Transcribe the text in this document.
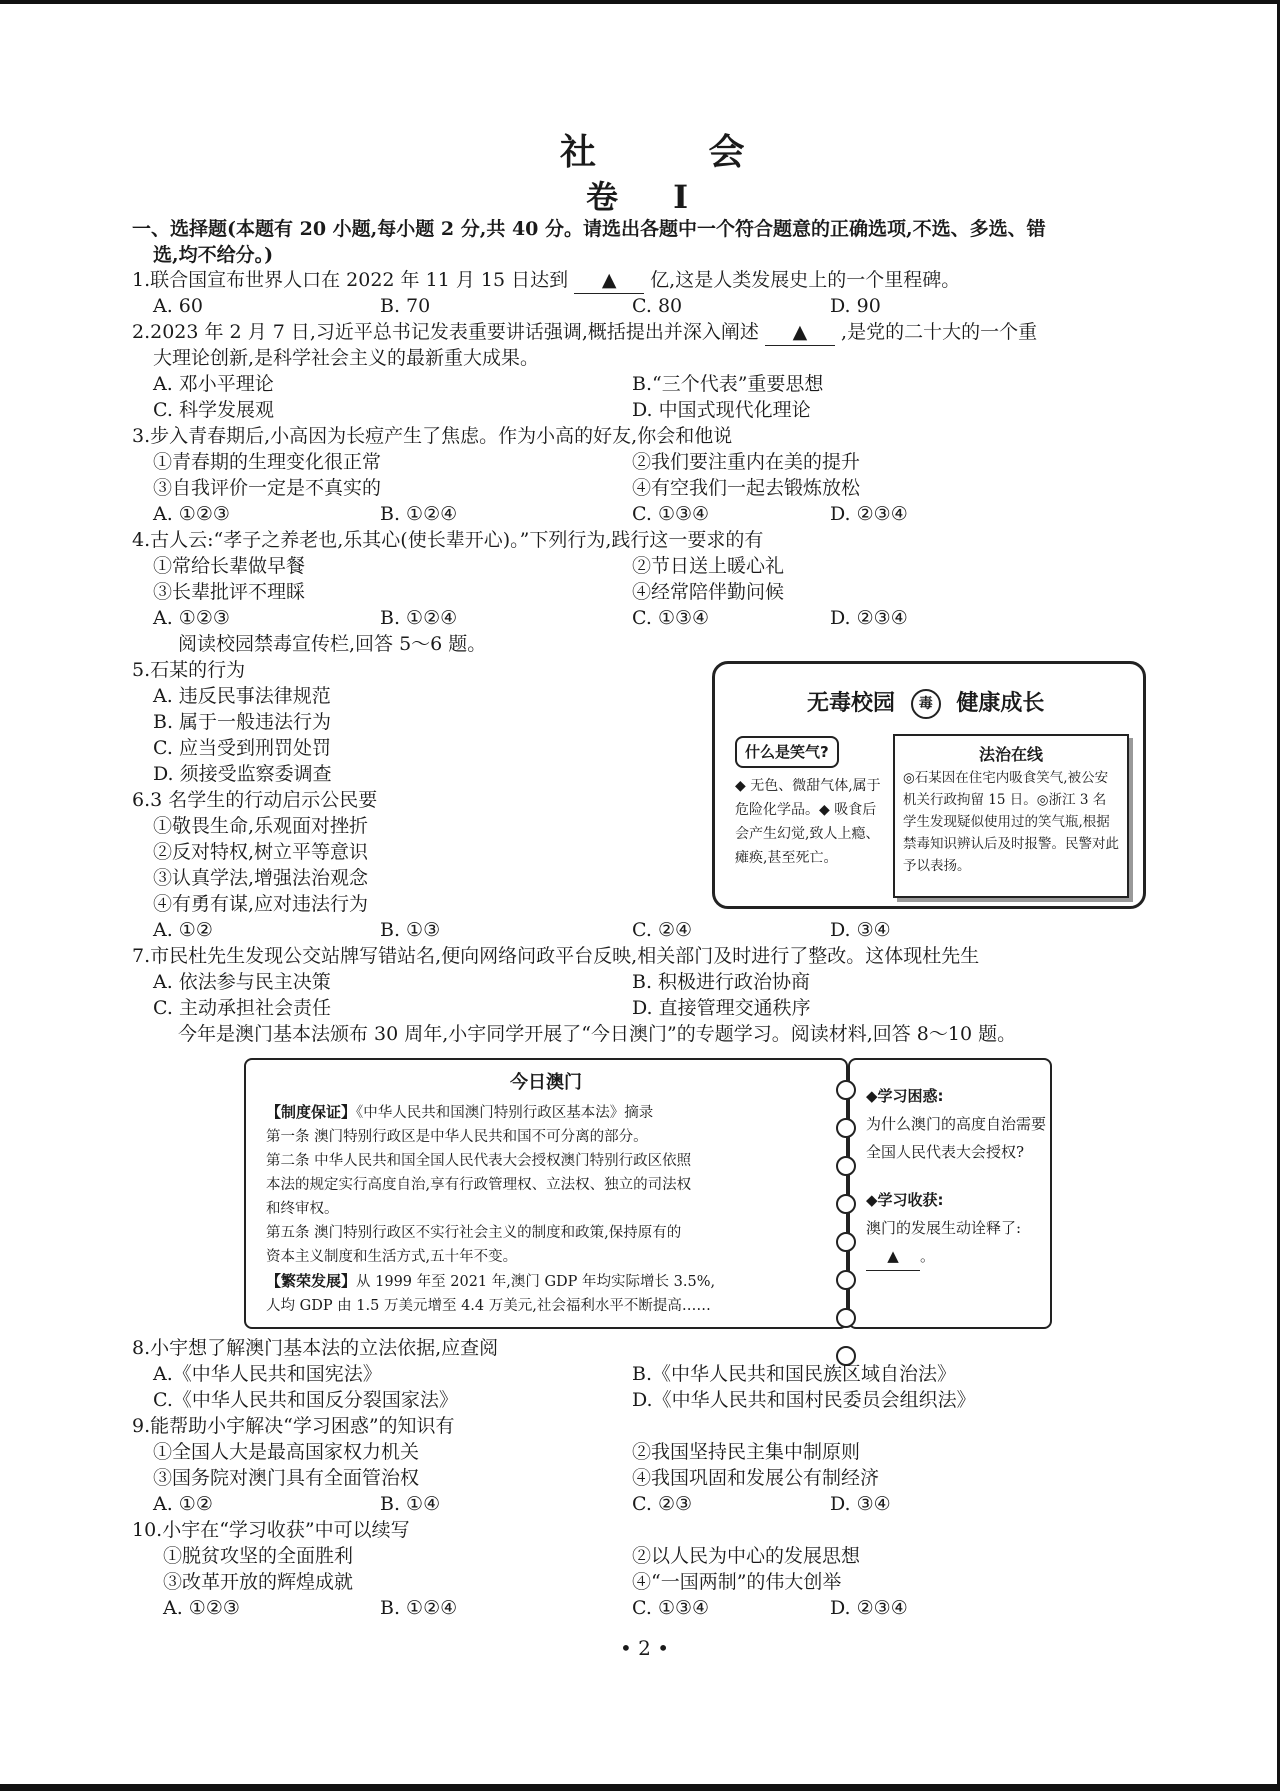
社 会
卷 Ⅰ
一、选择题(本题有 20 小题,每小题 2 分,共 40 分。请选出各题中一个符合题意的正确选项,不选、多选、错
选,均不给分。)
1.联合国宣布世界人口在 2022 年 11 月 15 日达到 ▲ 亿,这是人类发展史上的一个里程碑。
A. 60	B. 70	C. 80	D. 90
2.2023 年 2 月 7 日,习近平总书记发表重要讲话强调,概括提出并深入阐述 ▲ ,是党的二十大的一个重
大理论创新,是科学社会主义的最新重大成果。
A. 邓小平理论	B.“三个代表”重要思想
C. 科学发展观	D. 中国式现代化理论
3.步入青春期后,小高因为长痘产生了焦虑。作为小高的好友,你会和他说
①青春期的生理变化很正常	②我们要注重内在美的提升
③自我评价一定是不真实的	④有空我们一起去锻炼放松
A. ①②③	B. ①②④	C. ①③④	D. ②③④
4.古人云:“孝子之养老也,乐其心(使长辈开心)。”下列行为,践行这一要求的有
①常给长辈做早餐	②节日送上暖心礼
③长辈批评不理睬	④经常陪伴勤问候
A. ①②③	B. ①②④	C. ①③④	D. ②③④
阅读校园禁毒宣传栏,回答 5～6 题。
5.石某的行为
A. 违反民事法律规范
B. 属于一般违法行为
C. 应当受到刑罚处罚
D. 须接受监察委调查
6.3 名学生的行动启示公民要
①敬畏生命,乐观面对挫折
②反对特权,树立平等意识
③认真学法,增强法治观念
④有勇有谋,应对违法行为
A. ①②	B. ①③	C. ②④	D. ③④
无毒校园 毒 健康成长
什么是笑气?
◆ 无色、微甜气体,属于危险化学品。◆ 吸食后会产生幻觉,致人上瘾、瘫痪,甚至死亡。
法治在线
◎石某因在住宅内吸食笑气,被公安机关行政拘留 15 日。◎浙江 3 名学生发现疑似使用过的笑气瓶,根据禁毒知识辨认后及时报警。民警对此予以表扬。
7.市民杜先生发现公交站牌写错站名,便向网络问政平台反映,相关部门及时进行了整改。这体现杜先生
A. 依法参与民主决策	B. 积极进行政治协商
C. 主动承担社会责任	D. 直接管理交通秩序
今年是澳门基本法颁布 30 周年,小宇同学开展了“今日澳门”的专题学习。阅读材料,回答 8～10 题。
今日澳门
【制度保证】《中华人民共和国澳门特别行政区基本法》摘录
第一条 澳门特别行政区是中华人民共和国不可分离的部分。
第二条 中华人民共和国全国人民代表大会授权澳门特别行政区依照
本法的规定实行高度自治,享有行政管理权、立法权、独立的司法权
和终审权。
第五条 澳门特别行政区不实行社会主义的制度和政策,保持原有的
资本主义制度和生活方式,五十年不变。
【繁荣发展】从 1999 年至 2021 年,澳门 GDP 年均实际增长 3.5%,
人均 GDP 由 1.5 万美元增至 4.4 万美元,社会福利水平不断提高……
◆学习困惑:
为什么澳门的高度自治需要全国人民代表大会授权?
◆学习收获:
澳门的发展生动诠释了: ▲ 。
8.小宇想了解澳门基本法的立法依据,应查阅
A.《中华人民共和国宪法》	B.《中华人民共和国民族区域自治法》
C.《中华人民共和国反分裂国家法》	D.《中华人民共和国村民委员会组织法》
9.能帮助小宇解决“学习困惑”的知识有
①全国人大是最高国家权力机关	②我国坚持民主集中制原则
③国务院对澳门具有全面管治权	④我国巩固和发展公有制经济
A. ①②	B. ①④	C. ②③	D. ③④
10.小宇在“学习收获”中可以续写
①脱贫攻坚的全面胜利	②以人民为中心的发展思想
③改革开放的辉煌成就	④“一国两制”的伟大创举
A. ①②③	B. ①②④	C. ①③④	D. ②③④
• 2 •
